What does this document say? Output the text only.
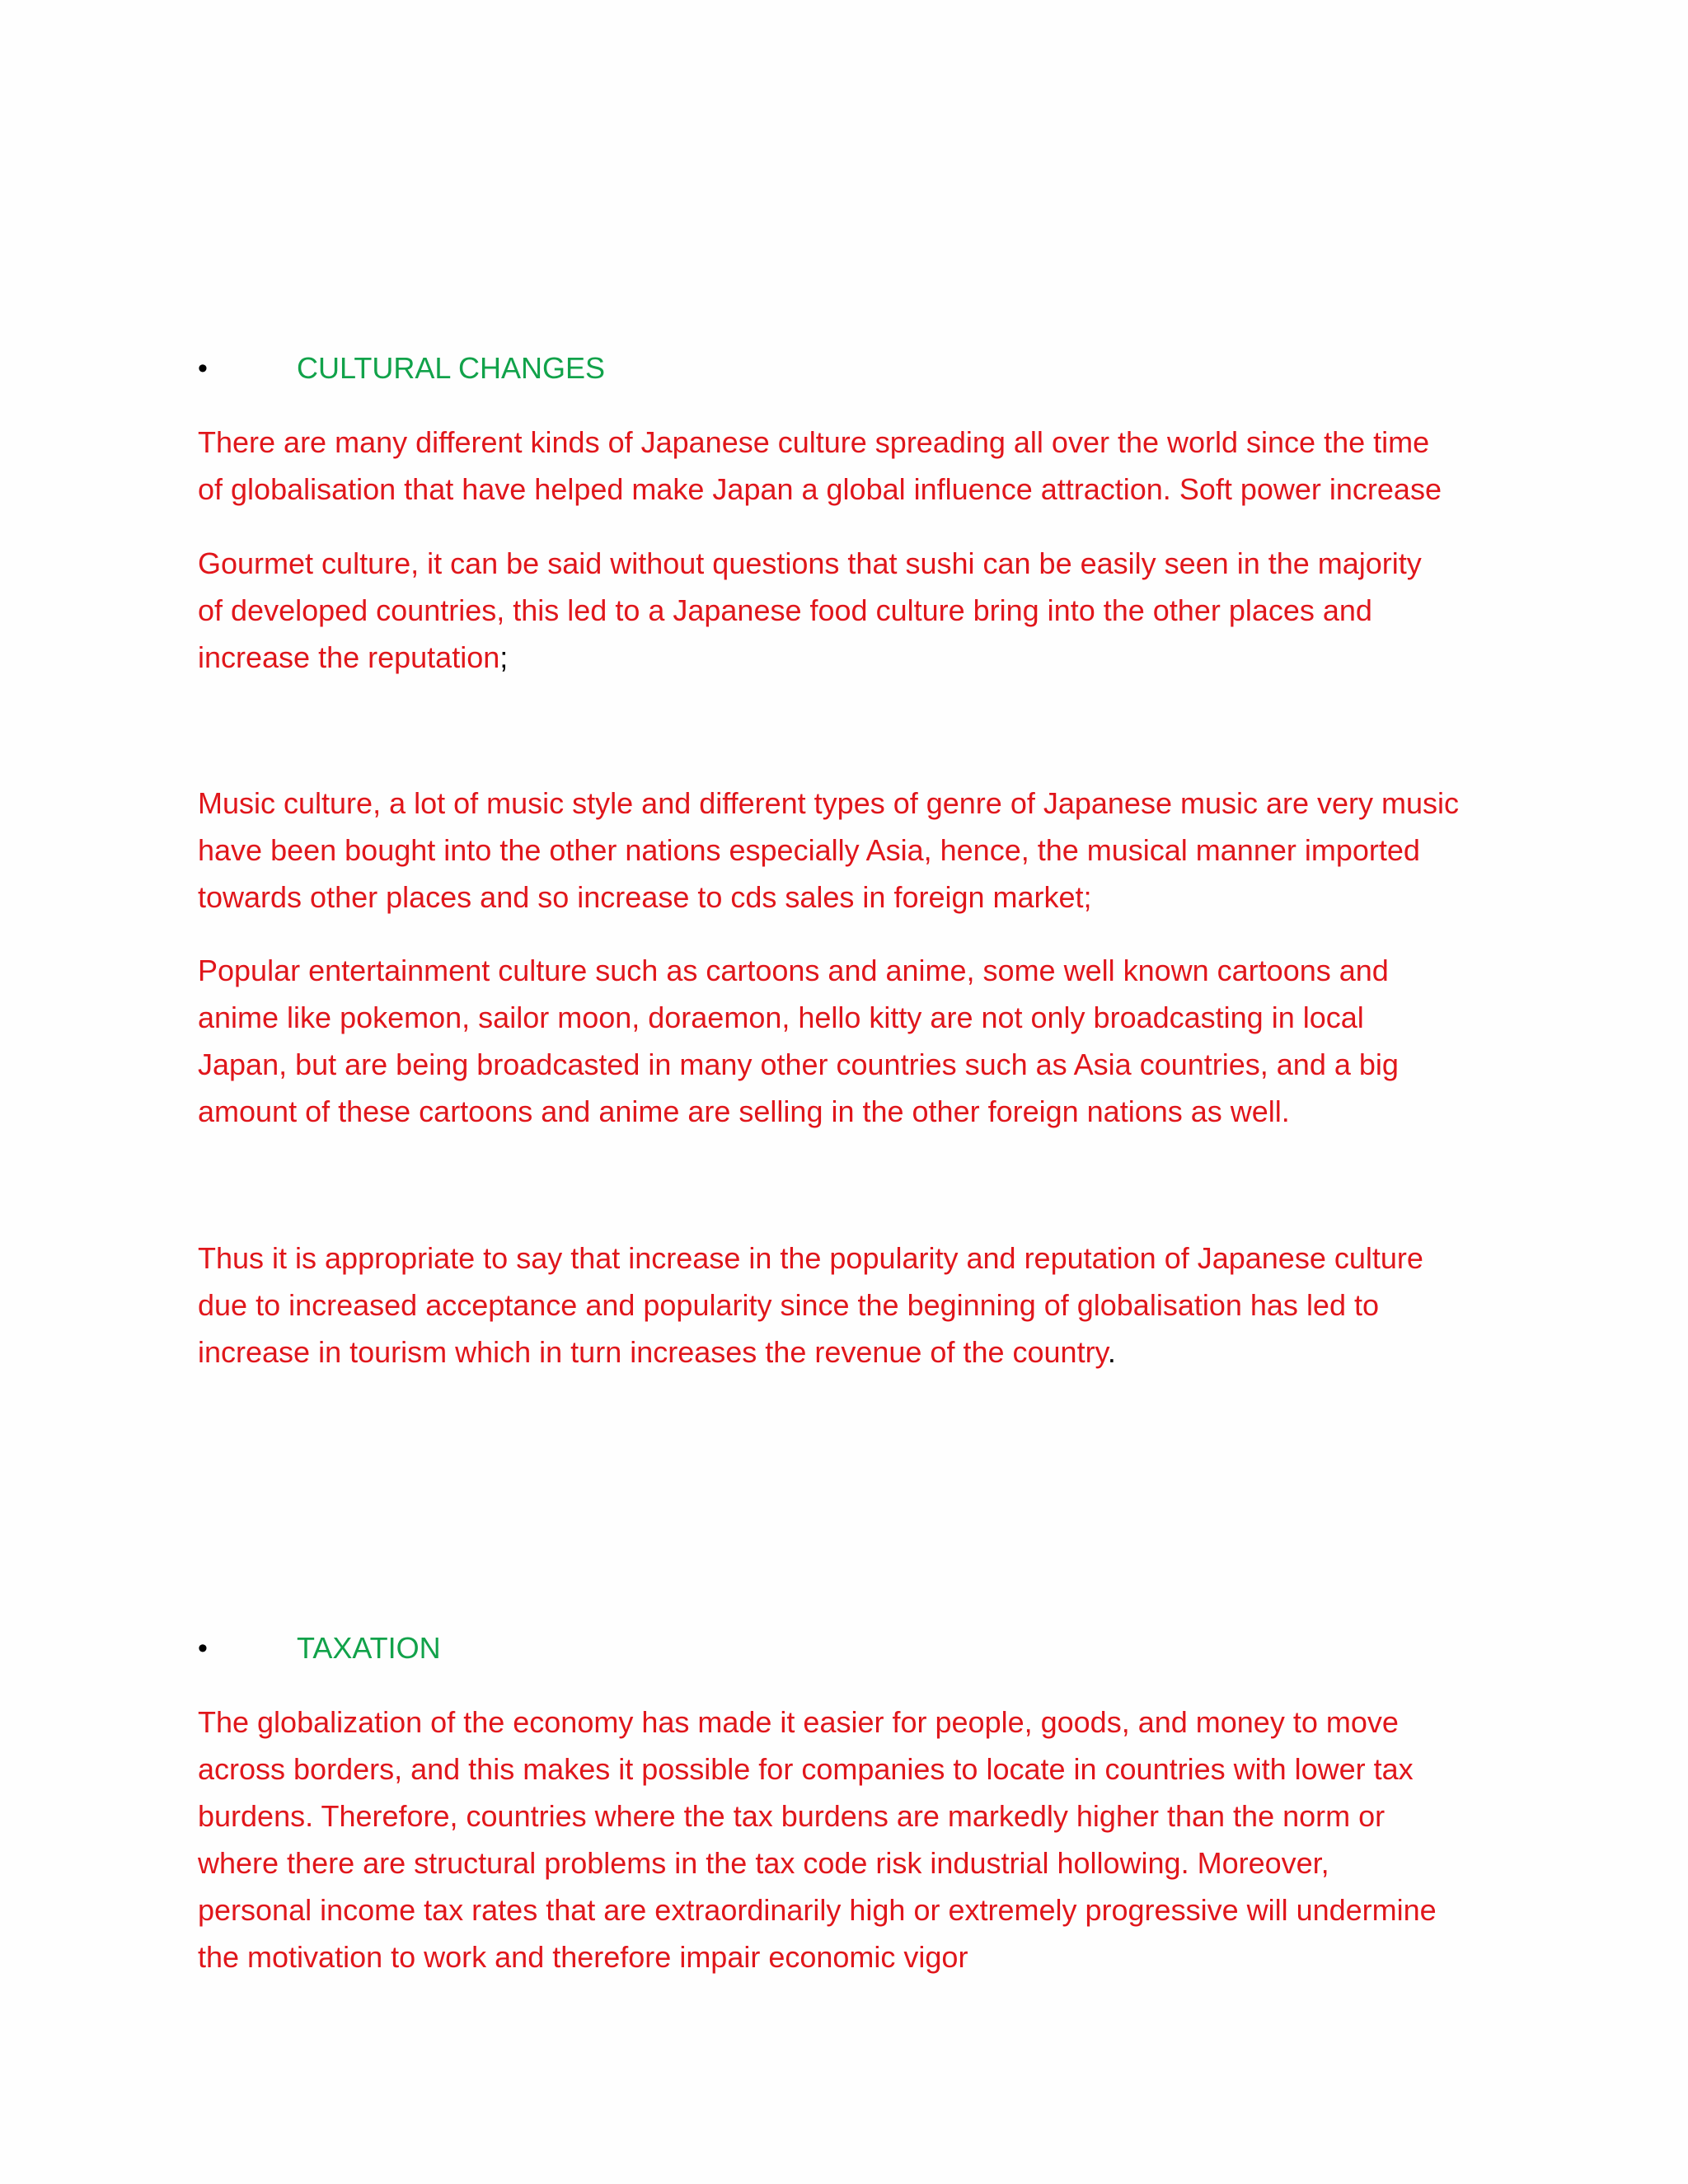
•	CULTURAL CHANGES

There are many different kinds of Japanese culture spreading all over the world since the time
of globalisation that have helped make Japan a global influence attraction. Soft power increase

Gourmet culture, it can be said without questions that sushi can be easily seen in the majority
of developed countries, this led to a Japanese food culture bring into the other places and
increase the reputation;

Music culture, a lot of music style and different types of genre of Japanese music are very music
have been bought into the other nations especially Asia, hence, the musical manner imported
towards other places and so increase to cds sales in foreign market;

Popular entertainment culture such as cartoons and anime, some well known cartoons and
anime like pokemon, sailor moon, doraemon, hello kitty are not only broadcasting in local
Japan, but are being broadcasted in many other countries such as Asia countries, and a big
amount of these cartoons and anime are selling in the other foreign nations as well.

Thus it is appropriate to say that increase in the popularity and reputation of Japanese culture
due to increased acceptance and popularity since the beginning of globalisation has led to
increase in tourism which in turn increases the revenue of the country.

•	TAXATION

The globalization of the economy has made it easier for people, goods, and money to move
across borders, and this makes it possible for companies to locate in countries with lower tax
burdens. Therefore, countries where the tax burdens are markedly higher than the norm or
where there are structural problems in the tax code risk industrial hollowing. Moreover,
personal income tax rates that are extraordinarily high or extremely progressive will undermine
the motivation to work and therefore impair economic vigor
